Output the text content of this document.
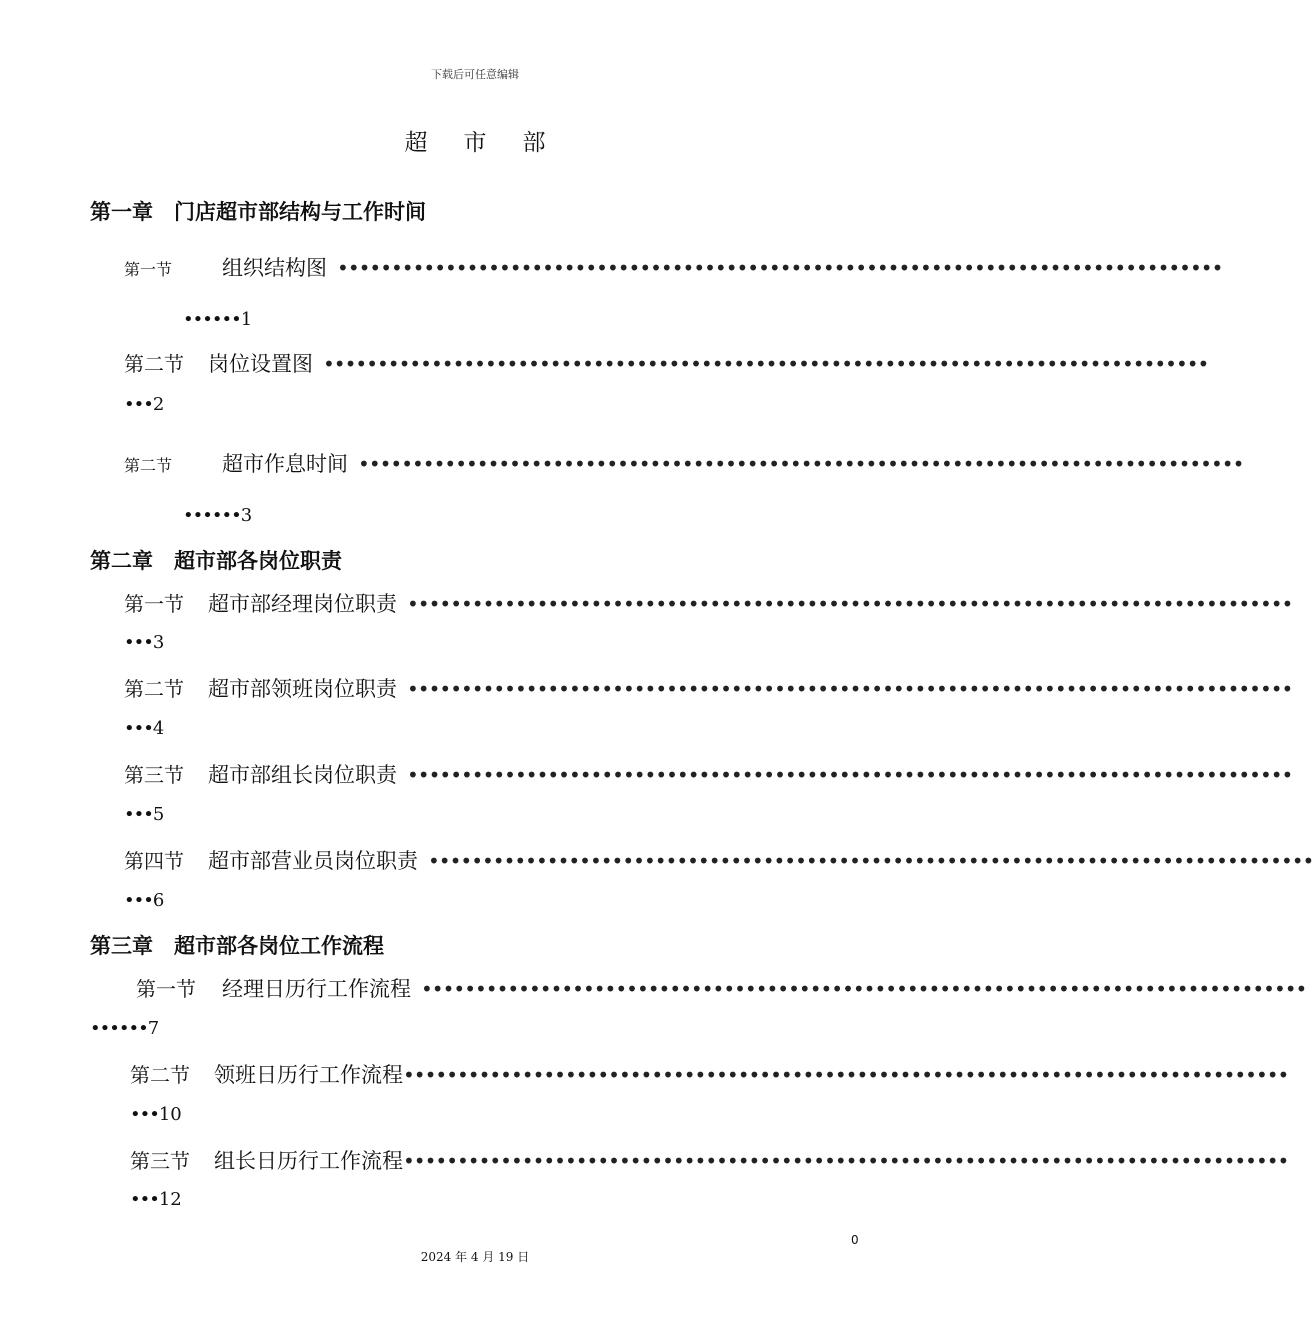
下载后可任意编辑
超市部
第一章　门店超市部结构与工作时间
第一节 组织结构图 ••••••••••••••••••••••••••••••••••••••••••••••••••••••••••••••••••••••••••••••••••
••••••1
第二节 岗位设置图 ••••••••••••••••••••••••••••••••••••••••••••••••••••••••••••••••••••••••••••••••••
•••2
第二节 超市作息时间 ••••••••••••••••••••••••••••••••••••••••••••••••••••••••••••••••••••••••••••••••••
••••••3
第二章　超市部各岗位职责
第一节 超市部经理岗位职责 ••••••••••••••••••••••••••••••••••••••••••••••••••••••••••••••••••••••••••••••••••
•••3
第二节 超市部领班岗位职责 ••••••••••••••••••••••••••••••••••••••••••••••••••••••••••••••••••••••••••••••••••
•••4
第三节 超市部组长岗位职责 ••••••••••••••••••••••••••••••••••••••••••••••••••••••••••••••••••••••••••••••••••
•••5
第四节 超市部营业员岗位职责 ••••••••••••••••••••••••••••••••••••••••••••••••••••••••••••••••••••••••••••••••••
•••6
第三章　超市部各岗位工作流程
第一节 经理日历行工作流程 ••••••••••••••••••••••••••••••••••••••••••••••••••••••••••••••••••••••••••••••••••
••••••7
第二节 领班日历行工作流程 ••••••••••••••••••••••••••••••••••••••••••••••••••••••••••••••••••••••••••••••••••
•••10
第三节 组长日历行工作流程 ••••••••••••••••••••••••••••••••••••••••••••••••••••••••••••••••••••••••••••••••••
•••12
0
2024 年 4 月 19 日
